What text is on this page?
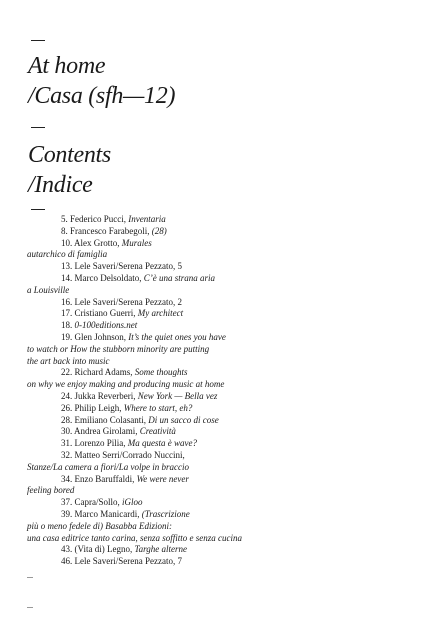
At home
/Casa (sfh—12)
Contents
/Indice
5. Federico Pucci, Inventaria
8. Francesco Farabegoli, (28)
10. Alex Grotto, Murales
autarchico di famiglia
13. Lele Saveri/Serena Pezzato, 5
14. Marco Delsoldato, C’è una strana aria
a Louisville
16. Lele Saveri/Serena Pezzato, 2
17. Cristiano Guerri, My architect
18. 0-100editions.net
19. Glen Johnson, It’s the quiet ones you have
to watch or How the stubborn minority are putting
the art back into music
22. Richard Adams, Some thoughts
on why we enjoy making and producing music at home
24. Jukka Reverberi, New York — Bella vez
26. Philip Leigh, Where to start, eh?
28. Emiliano Colasanti, Di un sacco di cose
30. Andrea Girolami, Creatività
31. Lorenzo Pilia, Ma questa è wave?
32. Matteo Serri/Corrado Nuccini,
Stanze/La camera a fiori/La volpe in braccio
34. Enzo Baruffaldi, We were never
feeling bored
37. Capra/Sollo, iGloo
39. Marco Manicardi, (Trascrizione
più o meno fedele di) Basabba Edizioni:
una casa editrice tanto carina, senza soffitto e senza cucina
43. (Vita di) Legno, Targhe alterne
46. Lele Saveri/Serena Pezzato, 7
